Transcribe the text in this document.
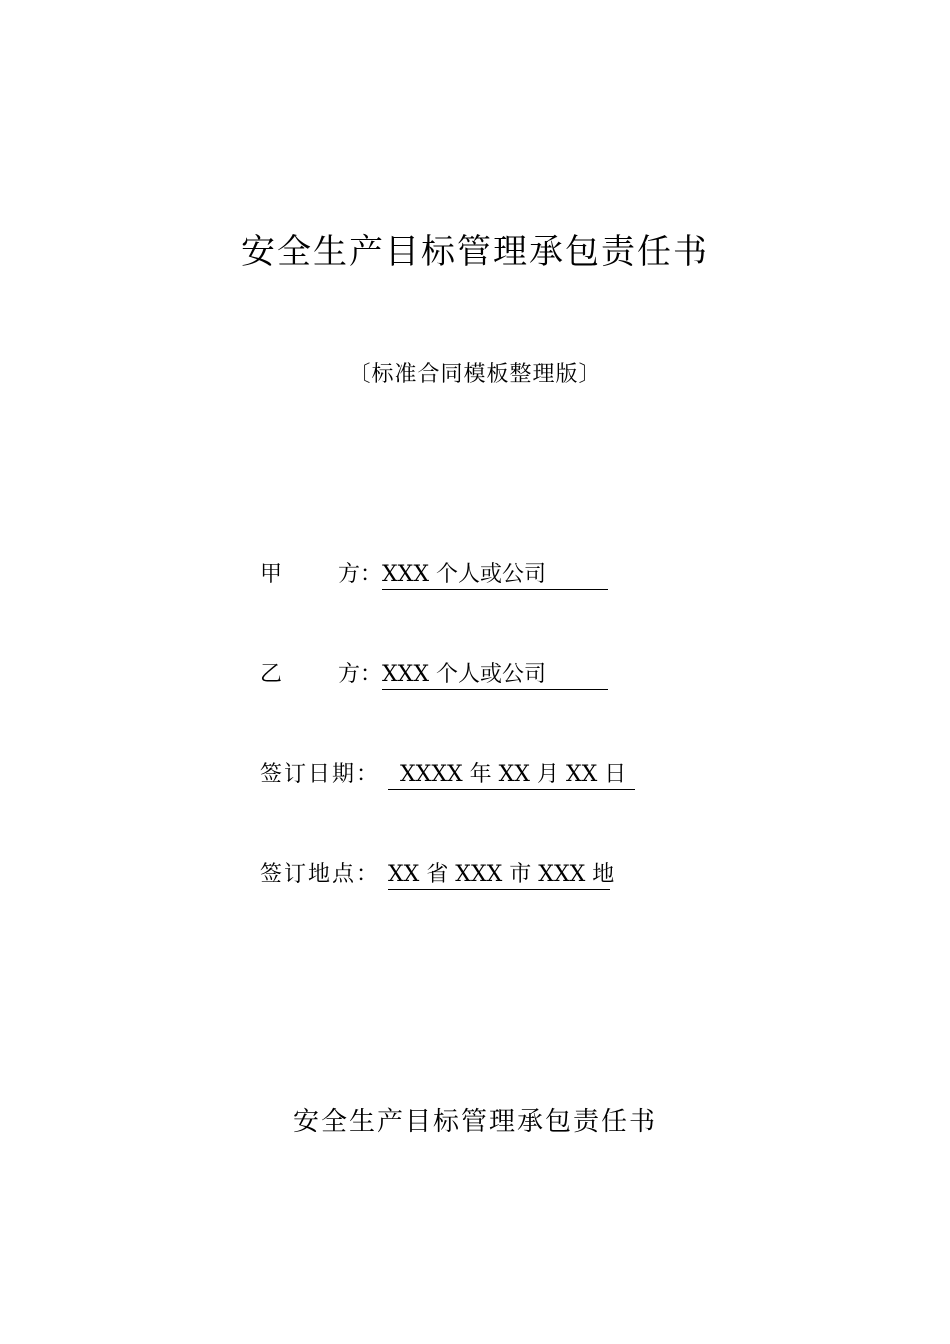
安全生产目标管理承包责任书
〔标准合同模板整理版〕
甲	方： XXX 个人或公司
乙	方： XXX 个人或公司
签订日期： XXXX 年 XX 月 XX 日
签订地点： XX 省 XXX 市 XXX 地
安全生产目标管理承包责任书
